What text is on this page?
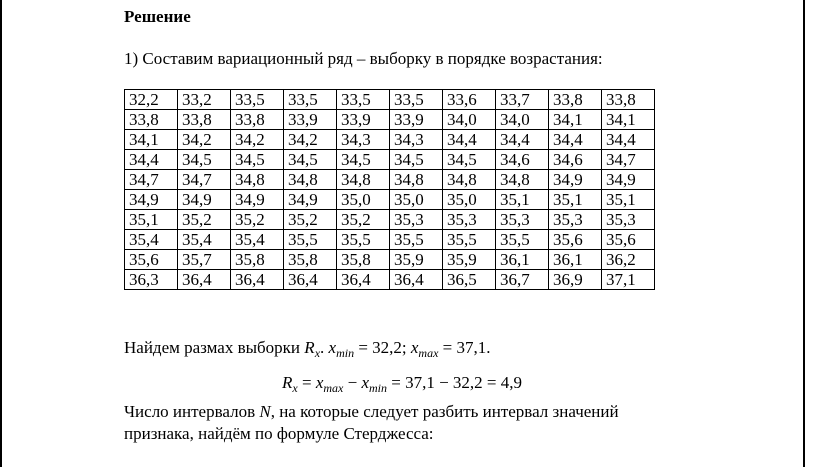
Решение
1) Составим вариационный ряд – выборку в порядке возрастания:
32,2	33,2	33,5	33,5	33,5	33,5	33,6	33,7	33,8	33,8
33,8	33,8	33,8	33,9	33,9	33,9	34,0	34,0	34,1	34,1
34,1	34,2	34,2	34,2	34,3	34,3	34,4	34,4	34,4	34,4
34,4	34,5	34,5	34,5	34,5	34,5	34,5	34,6	34,6	34,7
34,7	34,7	34,8	34,8	34,8	34,8	34,8	34,8	34,9	34,9
34,9	34,9	34,9	34,9	35,0	35,0	35,0	35,1	35,1	35,1
35,1	35,2	35,2	35,2	35,2	35,3	35,3	35,3	35,3	35,3
35,4	35,4	35,4	35,5	35,5	35,5	35,5	35,5	35,6	35,6
35,6	35,7	35,8	35,8	35,8	35,9	35,9	36,1	36,1	36,2
36,3	36,4	36,4	36,4	36,4	36,4	36,5	36,7	36,9	37,1
Найдем размах выборки $R_x$. $x_{min} = 32,2$; $x_{max} = 37,1$.
$R_x = x_{max} - x_{min} = 37,1 - 32,2 = 4,9$
Число интервалов N, на которые следует разбить интервал значений признака, найдём по формуле Стерджесса:
